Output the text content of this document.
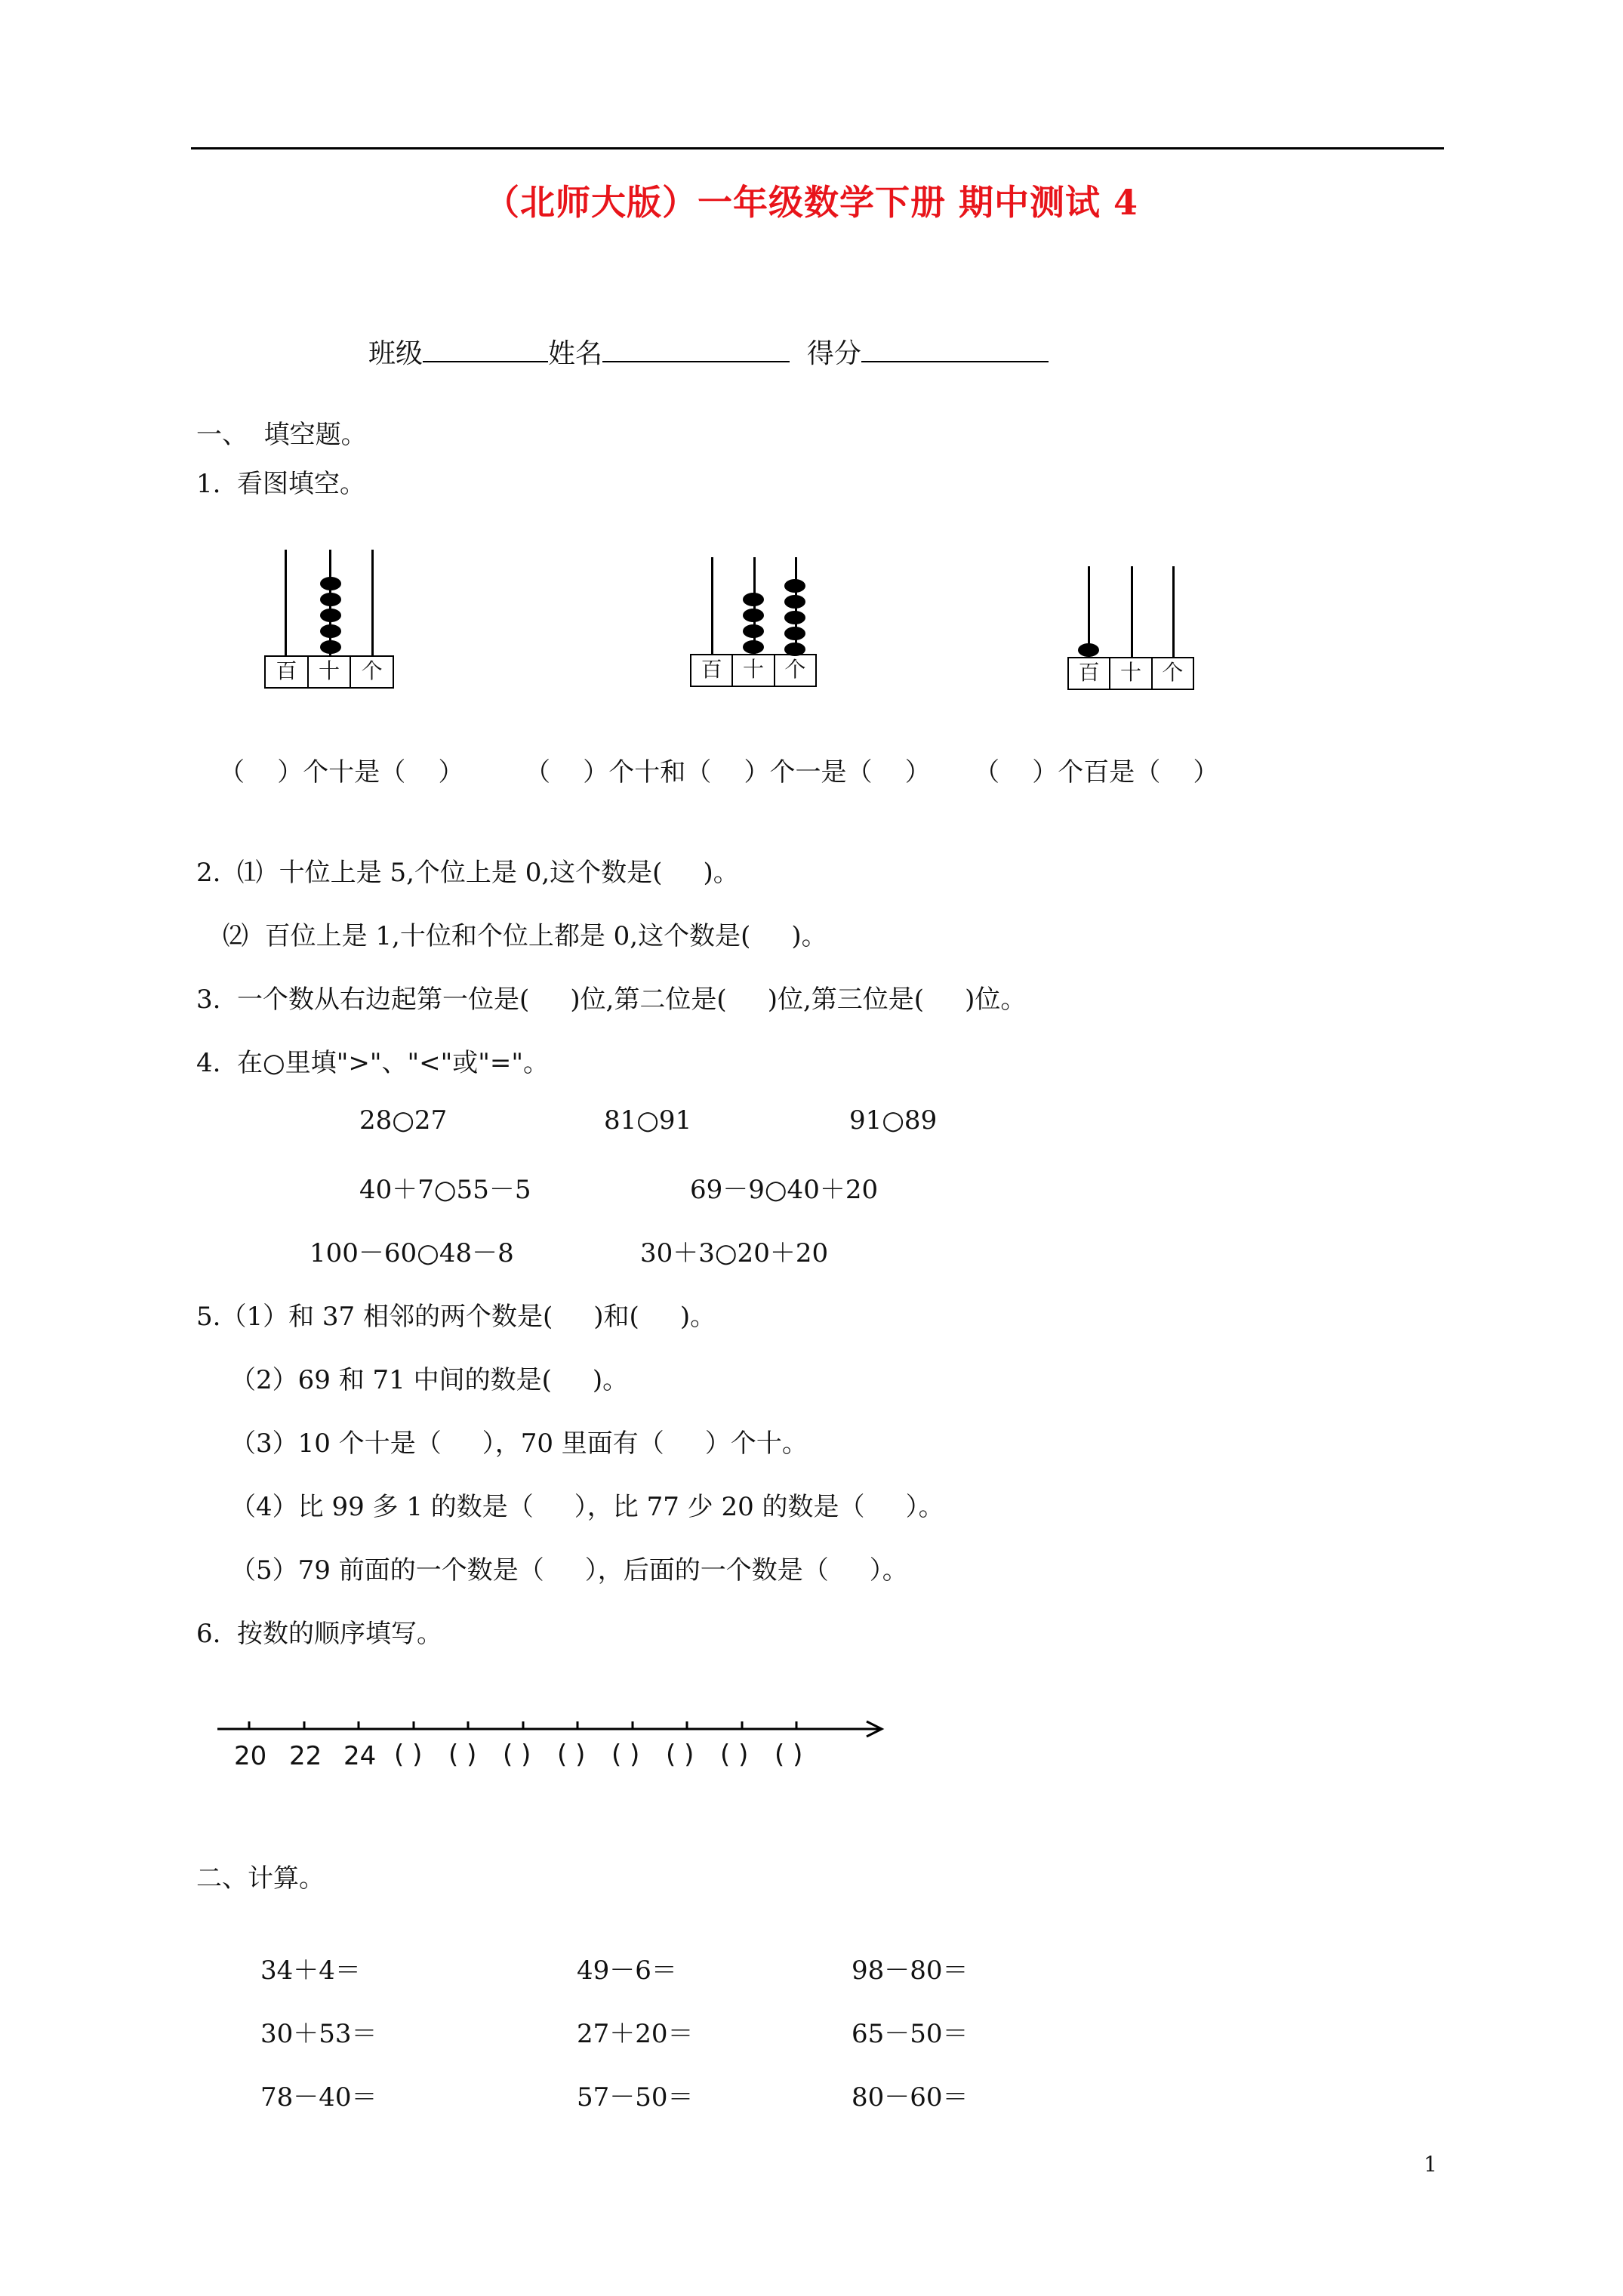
（北师大版）一年级数学下册 期中测试 4
班级	姓名	得分
一、  填空题。
1.  看图填空。
百	十	个	百 十 个	百 十 个
（    ）个十是（    ） （    ）个十和（    ）个一是（    ） （    ）个百是（    ）
2.  ⑴  十位上是 5,个位上是 0,这个数是(     )。
⑵  百位上是 1,十位和个位上都是 0,这个数是(     )。
3.  一个数从右边起第一位是(     )位,第二位是(     )位,第三位是(     )位。
4.  在○里填">"、"<"或"="。
28○27	81○91	91○89
40＋7○55－5	69－9○40＋20
100－60○48－8	30＋3○20＋20
5.（1）和 37 相邻的两个数是(     )和(     )。
（2）69 和 71 中间的数是(     )。
（3）10 个十是（     ），70 里面有（     ）个十。
（4）比 99 多 1 的数是（     ），比 77 少 20 的数是（     ）。
（5）79 前面的一个数是（     ），后面的一个数是（     ）。
6.  按数的顺序填写。
20 22 24 ( ) ( ) ( ) ( ) ( ) ( ) ( ) ( )
二、计算。
34＋4＝	49－6＝	98－80＝
30＋53＝	27＋20＝	65－50＝
78－40＝	57－50＝	80－60＝
1
